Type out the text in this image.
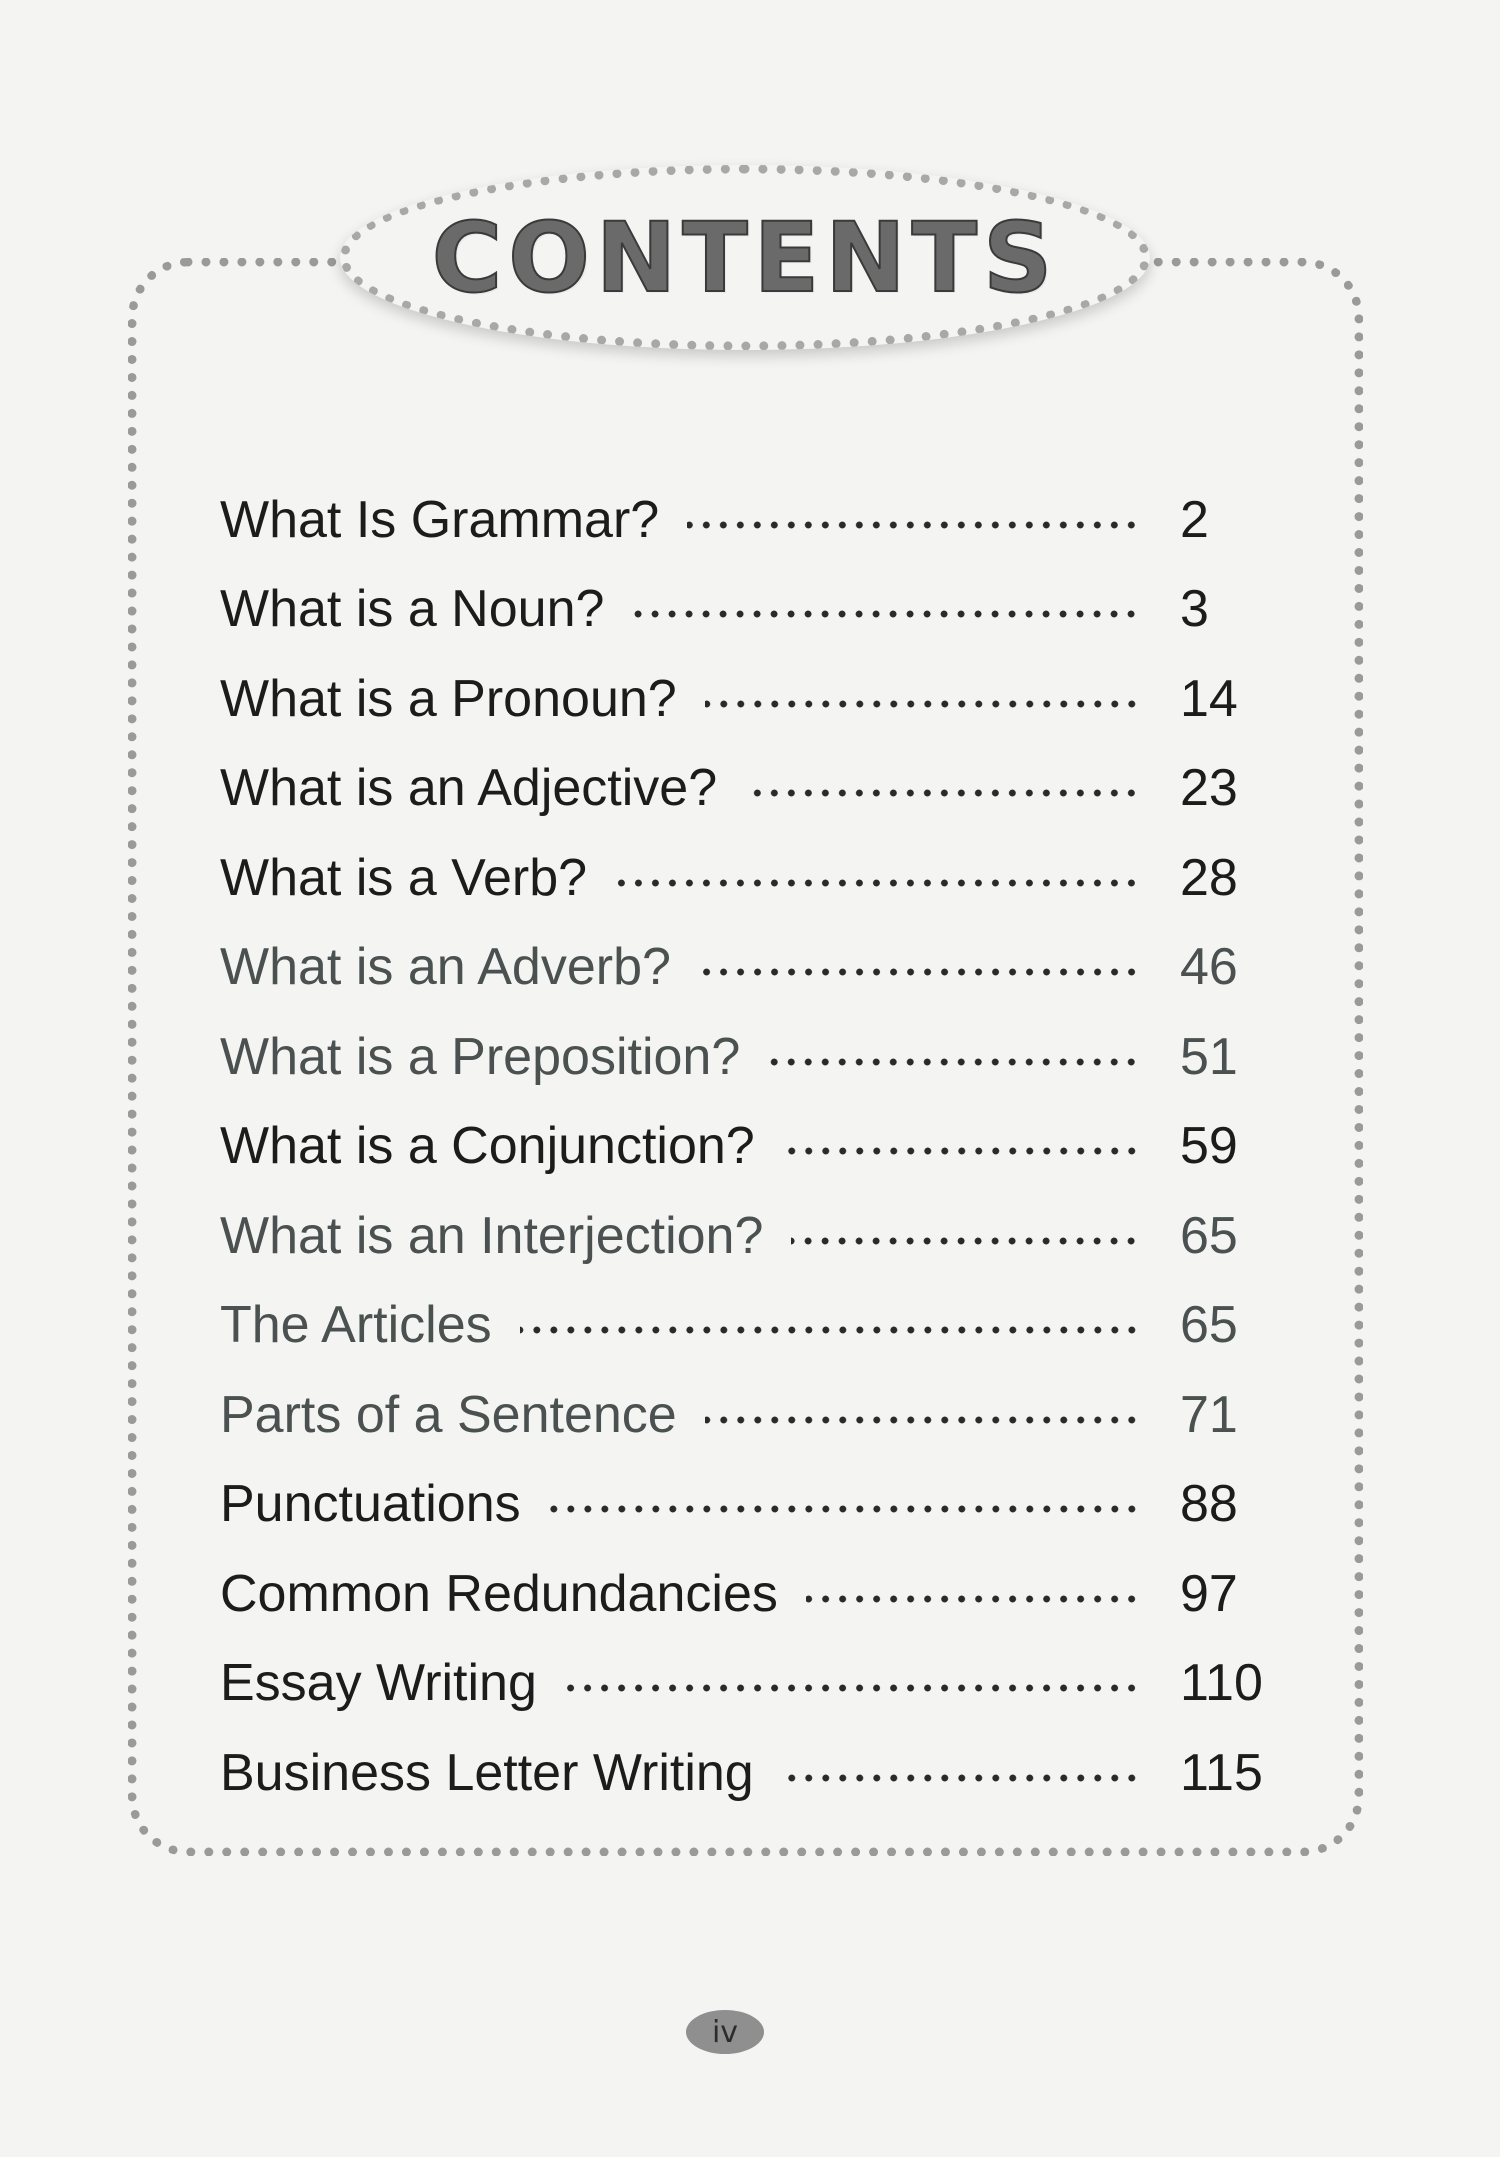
CONTENTS
What Is Grammar?	2
What is a Noun?	3
What is a Pronoun?	14
What is an Adjective?	23
What is a Verb?	28
What is an Adverb?	46
What is a Preposition?	51
What is a Conjunction?	59
What is an Interjection?	65
The Articles	65
Parts of a Sentence	71
Punctuations	88
Common Redundancies	97
Essay Writing	110
Business Letter Writing	115
iv
